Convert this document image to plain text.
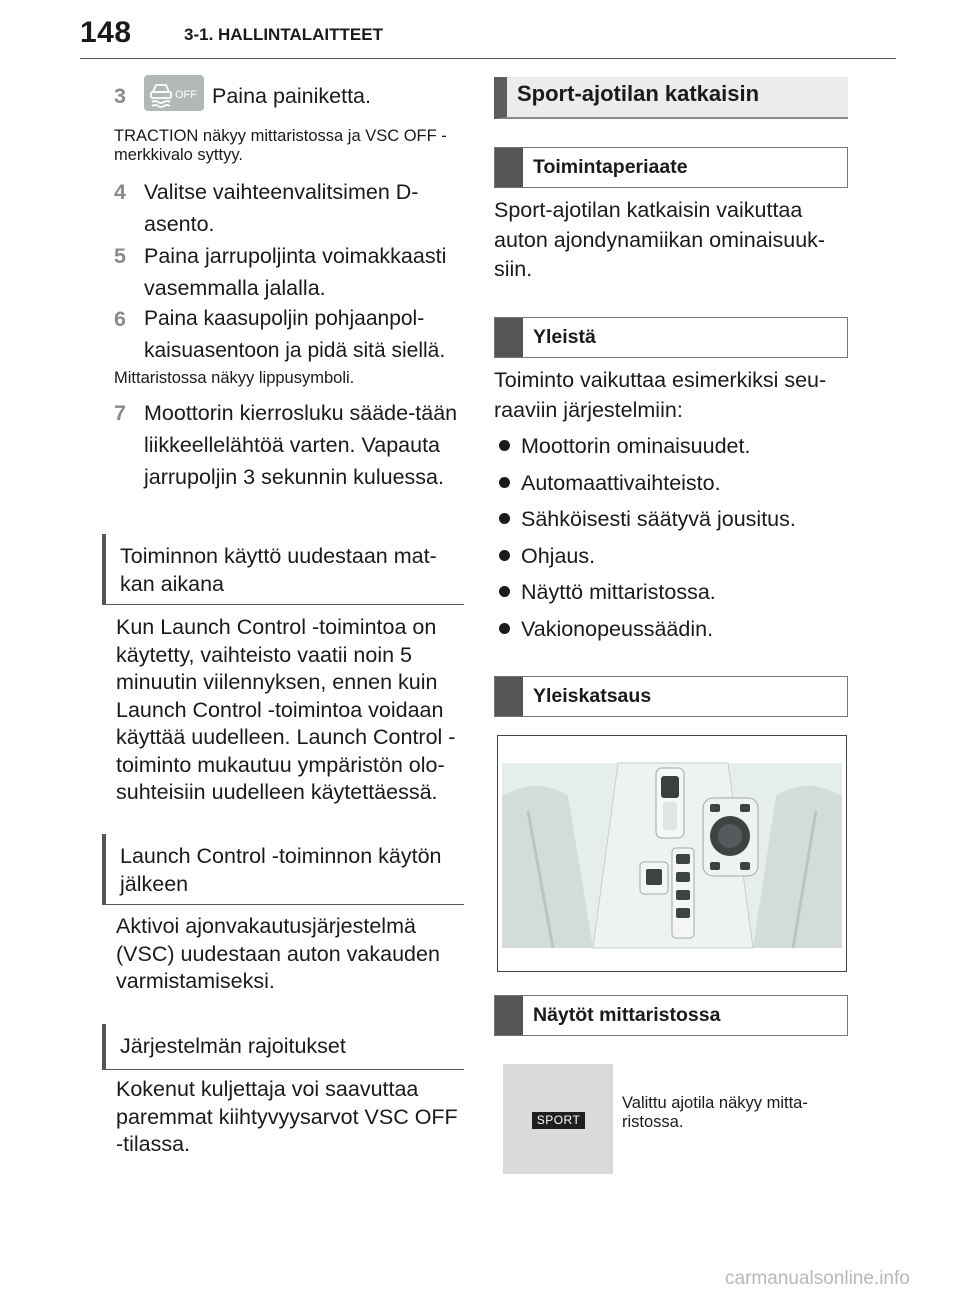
148	3-1. HALLINTALAITTEET
3	Paina painiketta.
OFF
TRACTION näkyy mittaristossa ja VSC OFF -merkkivalo syttyy.
4 Valitse vaihteenvalitsimen D-asento.
5 Paina jarrupoljinta voimakkaasti vasemmalla jalalla.
6 Paina kaasupoljin pohjaanpol-kaisuasentoon ja pidä sitä siellä.
Mittaristossa näkyy lippusymboli.
7 Moottorin kierrosluku sääde-tään liikkeellelähtöä varten. Vapauta jarrupoljin 3 sekunnin kuluessa.
Toiminnon käyttö uudestaan mat-kan aikana
Kun Launch Control -toimintoa on käytetty, vaihteisto vaatii noin 5 minuutin viilennyksen, ennen kuin Launch Control -toimintoa voidaan käyttää uudelleen. Launch Control -toiminto mukautuu ympäristön olo-suhteisiin uudelleen käytettäessä.
Launch Control -toiminnon käytön jälkeen
Aktivoi ajonvakautusjärjestelmä (VSC) uudestaan auton vakauden varmistamiseksi.
Järjestelmän rajoitukset
Kokenut kuljettaja voi saavuttaa paremmat kiihtyvyysarvot VSC OFF -tilassa.
Sport-ajotilan katkaisin
Toimintaperiaate
Sport-ajotilan katkaisin vaikuttaa auton ajondynamiikan ominaisuuk-siin.
Yleistä
Toiminto vaikuttaa esimerkiksi seu-raaviin järjestelmiin:
Moottorin ominaisuudet.
Automaattivaihteisto.
Sähköisesti säätyvä jousitus.
Ohjaus.
Näyttö mittaristossa.
Vakionopeussäädin.
Yleiskatsaus
Näytöt mittaristossa
SPORT
Valittu ajotila näkyy mitta-ristossa.
carmanualsonline.info
